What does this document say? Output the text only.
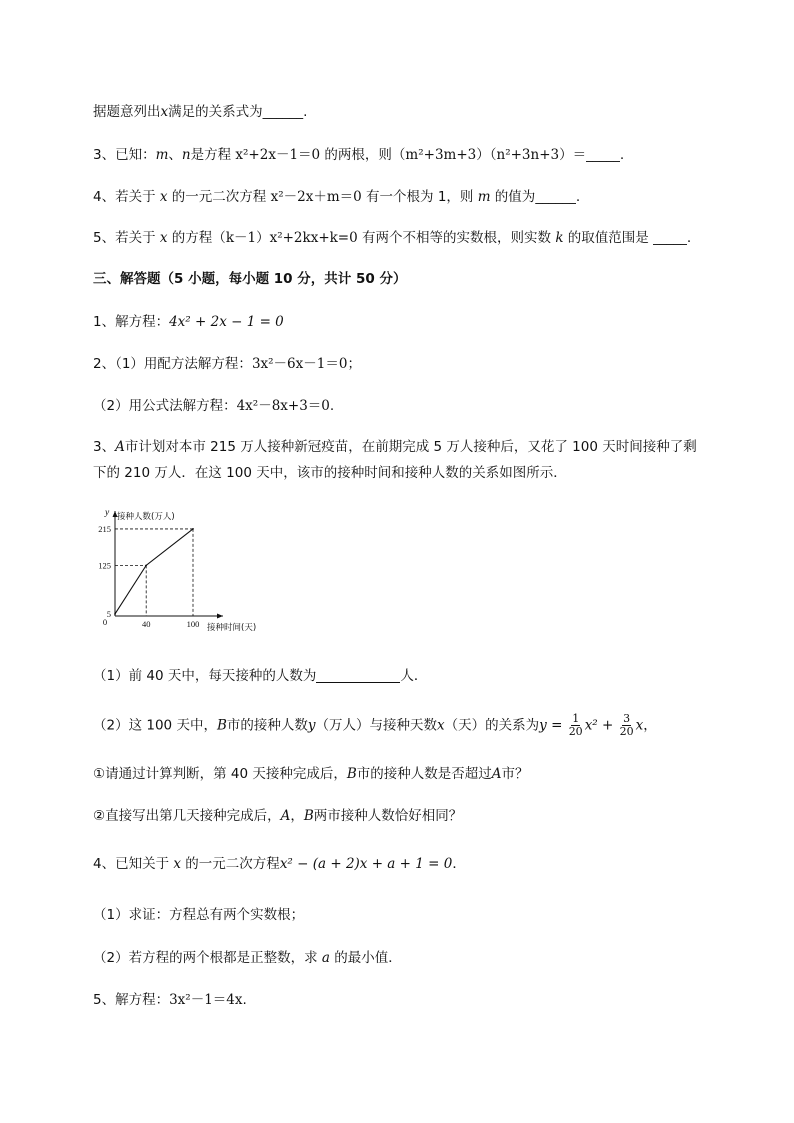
据题意列出x满足的关系式为______.
3、已知：m、n是方程 x²+2x－1＝0 的两根，则（m²+3m+3）（n²+3n+3）＝_____.
4、若关于 x 的一元二次方程 x²－2x＋m＝0 有一个根为 1，则 m 的值为______.
5、若关于 x 的方程（k－1）x²+2kx+k=0 有两个不相等的实数根，则实数 k 的取值范围是 _____.
三、解答题（5 小题，每小题 10 分，共计 50 分）
1、解方程：4x² + 2x − 1 = 0
2、（1）用配方法解方程：3x²－6x－1＝0；
（2）用公式法解方程：4x²－8x+3＝0.
3、A市计划对本市 215 万人接种新冠疫苗，在前期完成 5 万人接种后，又花了 100 天时间接种了剩
下的 210 万人．在这 100 天中，该市的接种时间和接种人数的关系如图所示．
5
125
215
40	100
0
y 接种人数(万人)
接种时间(天)
（1）前 40 天中，每天接种的人数为	人．
（2）这 100 天中，B市的接种人数y（万人）与接种天数x（天）的关系为$y = \frac{1}{20} x^2 + \frac{3}{20}$ x，
①请通过计算判断，第 40 天接种完成后，B市的接种人数是否超过A市？
②直接写出第几天接种完成后，A，B两市接种人数恰好相同？
4、已知关于 x 的一元二次方程x² − (a + 2)x + a + 1 = 0．
（1）求证：方程总有两个实数根；
（2）若方程的两个根都是正整数，求 a 的最小值．
5、解方程：3x²－1＝4x.
